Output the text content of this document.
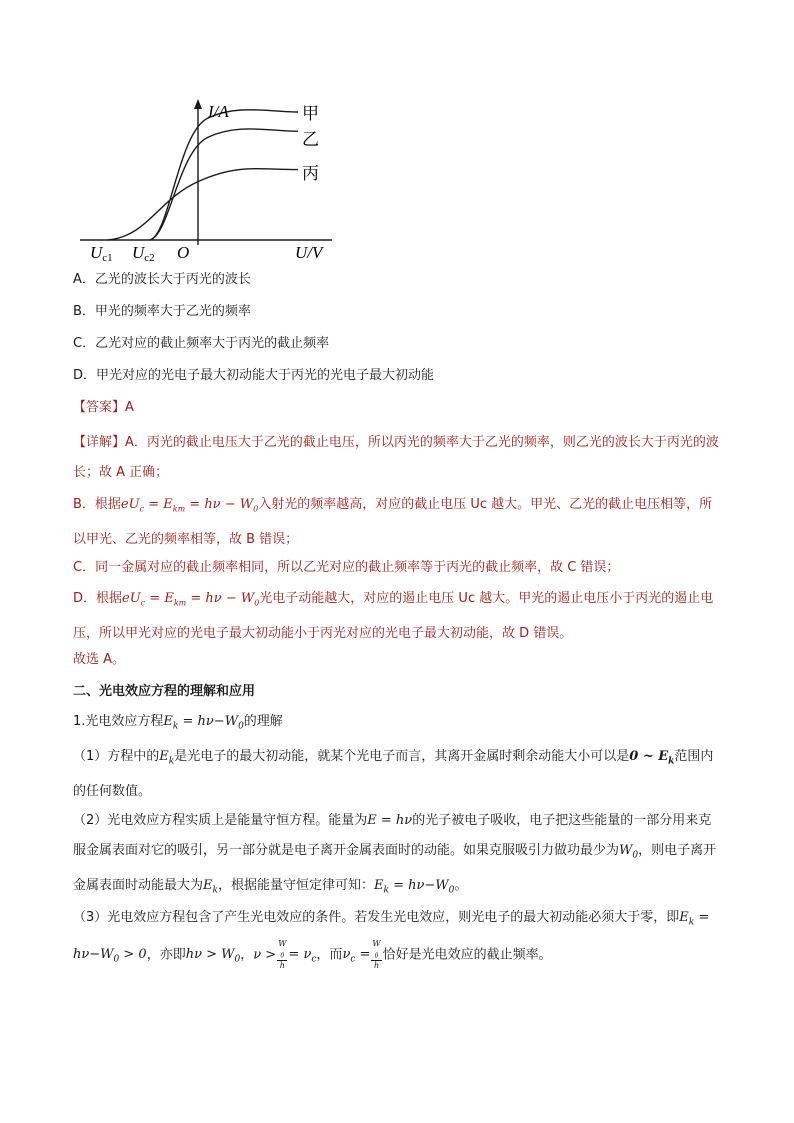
I/A
U/V
O
Uc1 Uc2
甲
乙
丙
A．乙光的波长大于丙光的波长
B．甲光的频率大于乙光的频率
C．乙光对应的截止频率大于丙光的截止频率
D．甲光对应的光电子最大初动能大于丙光的光电子最大初动能
【答案】A
【详解】A．丙光的截止电压大于乙光的截止电压，所以丙光的频率大于乙光的频率，则乙光的波长大于丙光的波长；故 A 正确；
B．根据$eU_c = E_{km} = h\nu - W_0$入射光的频率越高，对应的截止电压 Uc 越大。甲光、乙光的截止电压相等，所以甲光、乙光的频率相等，故 B 错误；
C．同一金属对应的截止频率相同，所以乙光对应的截止频率等于丙光的截止频率，故 C 错误；
D．根据$eU_c = E_{km} = h\nu - W_0$光电子动能越大，对应的遏止电压 Uc 越大。甲光的遏止电压小于丙光的遏止电压，所以甲光对应的光电子最大初动能小于丙光对应的光电子最大初动能，故 D 错误。
故选 A。
二、光电效应方程的理解和应用
1.光电效应方程$E_k = h\nu-W_0$的理解
（1）方程中的$E_k$是光电子的最大初动能，就某个光电子而言，其离开金属时剩余动能大小可以是0 ~ $E_k$范围内的任何数值。
（2）光电效应方程实质上是能量守恒方程。能量为E = hν的光子被电子吸收，电子把这些能量的一部分用来克服金属表面对它的吸引，另一部分就是电子离开金属表面时的动能。如果克服吸引力做功最少为$W_0$，则电子离开金属表面时动能最大为$E_k$，根据能量守恒定律可知：$E_k = h\nu-W_0$。
（3）光电效应方程包含了产生光电效应的条件。若发生光电效应，则光电子的最大初动能必须大于零，即$E_k = h\nu-W_0 > 0$，亦即$h\nu > W_0$，ν > W
$_0$
$h = \nu_c$，而$\nu_c = W$
$_0$
h 恰好是光电效应的截止频率。
